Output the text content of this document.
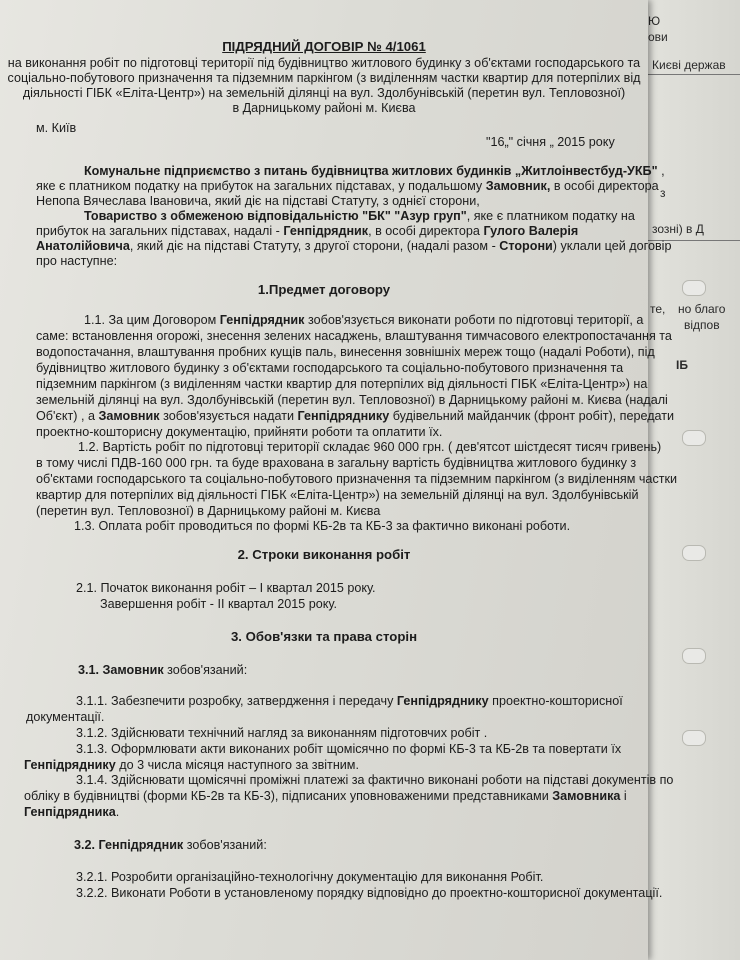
Ю
ови
Києві держав
з
зозні) в Д
те, но благо
відпов
ІБ
ПІДРЯДНИЙ ДОГОВІР № 4/1061
на виконання робіт по підготовці території під будівництво житлового будинку з об'єктами господарського та
соціально-побутового призначення та підземним паркінгом (з виділенням частки квартир для потерпілих від
діяльності ГІБК «Еліта-Центр») на земельній ділянці на вул. Здолбунівській (перетин вул. Тепловозної)
в Дарницькому районі м. Києва
м. Київ
"16„" січня „ 2015 року
Комунальне підприємство з питань будівництва житлових будинків „Житлоінвестбуд-УКБ" ,
яке є платником податку на прибуток на загальних підставах, у подальшому Замовник, в особі директора
Непопа Вячеслава Івановича, який діє на підставі Статуту, з однієї сторони,
Товариство з обмеженою відповідальністю "БК" "Азур груп", яке є платником податку на
прибуток на загальних підставах, надалі - Генпідрядник, в особі директора Гулого Валерія
Анатолійовича, який діє на підставі Статуту, з другої сторони, (надалі разом - Сторони) уклали цей договір
про наступне:
1.Предмет договору
1.1. За цим Договором Генпідрядник зобов'язується виконати роботи по підготовці території, а
саме: встановлення огорожі, знесення зелених насаджень, влаштування тимчасового електропостачання та
водопостачання, влаштування пробних кущів паль, винесення зовнішніх мереж тощо (надалі Роботи), під
будівництво житлового будинку з об'єктами господарського та соціально-побутового призначення та
підземним паркінгом (з виділенням частки квартир для потерпілих від діяльності ГІБК «Еліта-Центр») на
земельній ділянці на вул. Здолбунівській (перетин вул. Тепловозної) в Дарницькому районі м. Києва (надалі
Об'єкт) , а Замовник зобов'язується надати Генпідряднику будівельний майданчик (фронт робіт), передати
проектно-кошторисну документацію, прийняти роботи та оплатити їх.
1.2. Вартість робіт по підготовці території складає 960 000 грн. ( дев'ятсот шістдесят тисяч гривень)
в тому числі ПДВ-160 000 грн. та буде врахована в загальну вартість будівництва житлового будинку з
об'єктами господарського та соціально-побутового призначення та підземним паркінгом (з виділенням частки
квартир для потерпілих від діяльності ГІБК «Еліта-Центр») на земельній ділянці на вул. Здолбунівській
(перетин вул. Тепловозної) в Дарницькому районі м. Києва
1.3. Оплата робіт проводиться по формі КБ-2в та КБ-3 за фактично виконані роботи.
2. Строки виконання робіт
2.1. Початок виконання робіт – І квартал 2015 року.
Завершення робіт - ІІ квартал 2015 року.
3. Обов'язки та права сторін
3.1. Замовник зобов'язаний:
3.1.1. Забезпечити розробку, затвердження і передачу Генпідряднику проектно-кошторисної
документації.
3.1.2. Здійснювати технічний нагляд за виконанням підготовчих робіт .
3.1.3. Оформлювати акти виконаних робіт щомісячно по формі КБ-3 та КБ-2в та повертати їх
Генпідряднику до 3 числа місяця наступного за звітним.
3.1.4. Здійснювати щомісячні проміжні платежі за фактично виконані роботи на підставі документів по
обліку в будівництві (форми КБ-2в та КБ-3), підписаних уповноваженими представниками Замовника і
Генпідрядника.
3.2. Генпідрядник зобов'язаний:
3.2.1. Розробити організаційно-технологічну документацію для виконання Робіт.
3.2.2. Виконати Роботи в установленому порядку відповідно до проектно-кошторисної документації.
